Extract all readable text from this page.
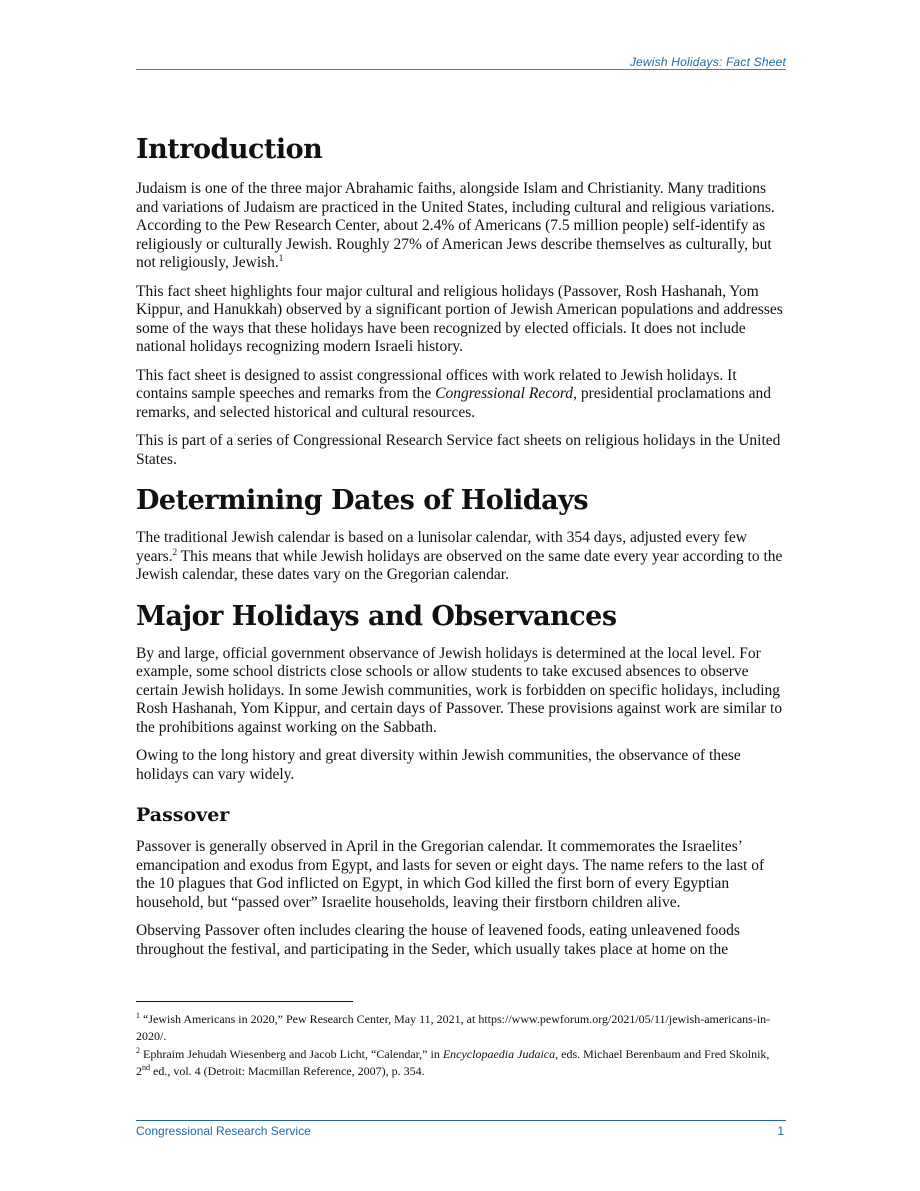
Jewish Holidays: Fact Sheet
Introduction

Judaism is one of the three major Abrahamic faiths, alongside Islam and Christianity. Many traditions and variations of Judaism are practiced in the United States, including cultural and religious variations. According to the Pew Research Center, about 2.4% of Americans (7.5 million people) self-identify as religiously or culturally Jewish. Roughly 27% of American Jews describe themselves as culturally, but not religiously, Jewish.$^1$

This fact sheet highlights four major cultural and religious holidays (Passover, Rosh Hashanah, Yom Kippur, and Hanukkah) observed by a significant portion of Jewish American populations and addresses some of the ways that these holidays have been recognized by elected officials. It does not include national holidays recognizing modern Israeli history.

This fact sheet is designed to assist congressional offices with work related to Jewish holidays. It contains sample speeches and remarks from the Congressional Record, presidential proclamations and remarks, and selected historical and cultural resources.

This is part of a series of Congressional Research Service fact sheets on religious holidays in the United States.

Determining Dates of Holidays

The traditional Jewish calendar is based on a lunisolar calendar, with 354 days, adjusted every few years.$^2$ This means that while Jewish holidays are observed on the same date every year according to the Jewish calendar, these dates vary on the Gregorian calendar.

Major Holidays and Observances

By and large, official government observance of Jewish holidays is determined at the local level. For example, some school districts close schools or allow students to take excused absences to observe certain Jewish holidays. In some Jewish communities, work is forbidden on specific holidays, including Rosh Hashanah, Yom Kippur, and certain days of Passover. These provisions against work are similar to the prohibitions against working on the Sabbath.

Owing to the long history and great diversity within Jewish communities, the observance of these holidays can vary widely.

Passover

Passover is generally observed in April in the Gregorian calendar. It commemorates the Israelites’ emancipation and exodus from Egypt, and lasts for seven or eight days. The name refers to the last of the 10 plagues that God inflicted on Egypt, in which God killed the first born of every Egyptian household, but “passed over” Israelite households, leaving their firstborn children alive.

Observing Passover often includes clearing the house of leavened foods, eating unleavened foods throughout the festival, and participating in the Seder, which usually takes place at home on the

$^1$ “Jewish Americans in 2020,” Pew Research Center, May 11, 2021, at https://www.pewforum.org/2021/05/11/jewish-americans-in-2020/.
$^2$ Ephraim Jehudah Wiesenberg and Jacob Licht, “Calendar,” in Encyclopaedia Judaica, eds. Michael Berenbaum and Fred Skolnik, 2nd ed., vol. 4 (Detroit: Macmillan Reference, 2007), p. 354.
Congressional Research Service	1
